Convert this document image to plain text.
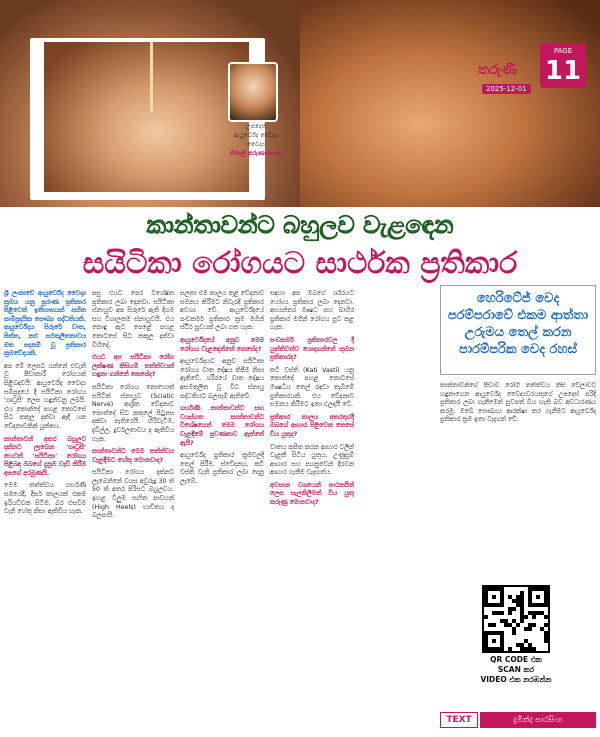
උපදෙස්
ආයුර්වේද වෛද්‍ය
වෛද්‍ය
නිමාලී කරුණානායක
තරුණී
PAGE
11
2025-12-01
කාන්තාවන්ට බහුලව වැළඳෙන
සයිටිකා රෝගයට සාර්ථක ප්‍රතිකාර

ශ්‍රී ලංකාවේ ආයුර්වේද වෛද්‍ය ක්‍රමය යනු පුරාණ ප්‍රතිකාර පිළිවෙත් ඉතිහාසයක් සහිත සාම්ප්‍රදායික සෞඛ්‍ය පද්ධතියකි. ආයුර්වේදය සිරුරේ වාත, පිත්ත, කඵ සමතුලිතතාවය මත පදනම් වූ ප්‍රතිකාර ක්‍රමවේදයකි.

අප මේ ලෙසට යන්නේ එවැනි වූ පීඩාකාරී රෝගයක් පිළිබඳවයි. ආයුර්වේද වෛද්‍ය සම්ප්‍රදායේ දී සයිටිකා රෝගය 'ගෘධ්‍රසී' ලෙස හඳුන්වනු ලබයි. එය කොන්දේ පහළ කොටසේ සිට කකුල දක්වා ඇදී යන වේදනාවකින් යුක්තය.

කාන්තාවන් අතර බහුලව දක්නට ලැබෙන 'ගෘධ්‍රසී' හෙවත් 'සයිටිකා' රෝගය පිළිබඳ ඔබගේ දැනුම වැඩි කිරීම අපගේ අරමුණයි.

මෙම තත්ත්වය ගර්භණී සමයේදී, දීර්ඝ කාලයක් එකම ඉරියව්වක සිටීම, බර එසවීම වැනි හේතු නිසා ඇතිවිය හැක.

පසු එයට පෙර විශේෂිත ප්‍රතිකාර ලබා දෙනවා. සයිටිකා ස්නායුව අප සිරුරේ ඇති දිගම සහ විශාලතම ස්නායුවයි. එය කොඳු ඇට පෙළේ පහළ කොටසේ සිට කකුල දක්වා විහිදේ.

එයට අප සයිටිකා රෝග ලක්ෂණ කිසියම් තත්ත්වයක් හඳුනා ගන්නේ කෙසේද?

සයිටිකා රෝගය නොහොත් සයිටික් ස්නායුව (Sciatic Nerve) ආශ්‍රිත වේදනාව කොන්දේ සිට කකුලේ පිටුපස දක්වා පැතිරෙයි. හිරිවැටීම, දැවිල්ල, දුර්වලතාවය ද ඇතිවිය හැක.

කාන්තාවන්ට මෙම තත්ත්වය වැළඳීමට හේතු මොනවාද?

සයිටිකා රෝගය දක්නට ලැබෙන්නේ වයස අවුරුදු 30 ත් 50 ත් අතර පිරිසට බහුලවය. ඉහළ විලුඹ සහිත පාවහන් (High Heels) භාවිතය ද බලපායි.

සලකා එම කාලය තුළ වේදනාව සමනය කිරීමට නිවැරදි ප්‍රතිකාර අවශ්‍ය වේ. ආයුර්වේදයේ පංචකර්ම ප්‍රතිකාර ක්‍රම මගින් ස්ථිර සුවයක් ලබා ගත හැක.

ආයුර්වේදයේ අනුව මෙම රෝගය වැළඳෙන්නේ කෙසේද?

ආයුර්වේදයට අනුව සයිටිකා රෝගය වාත දෝෂය කිපීම නිසා ඇතිවේ. ශරීරයේ වාත දෝෂය අසමතුලිත වූ විට ස්නායු පද්ධතියට බලපෑම් ඇතිවේ.

ගර්භණී කාන්තාවන්ට සහ වයස්ගත කාන්තාවන්ට විශේෂයෙන් මෙම රෝගය වැළඳීමේ ප්‍රවණතාව ඇත්තේ ඇයි?

ආයුර්වේද ප්‍රතිකාර ක්‍රමවලදී තෙල් පිරීම, ස්වේදනය, කටි වස්ති වැනි ප්‍රතිකාර ලබා දෙනු ලැබේ.

සඳහා අප ඔබගේ ශරීරයට යෝග්‍ය ප්‍රතිකාර ලබා දෙනවා. අභ්‍යන්තර ඖෂධ සහ බාහිර ප්‍රතිකාර මගින් රෝගය සුව කළ හැක.

පංචකර්ම ප්‍රතිකාරවල දී යුක්තිවත්ව යොදාගන්නේ කුමන ප්‍රතිකාරද?

කටි වස්ති (Kati Vasti) යනු කොන්දේ පහළ කොටසේ ඖෂධීය තෙල් රඳවා තැබීමේ ප්‍රතිකාරයකි. එය වේදනාව සමනය කිරීමට ඉතා ඵලදායී වේ.

ප්‍රතිකාර කාලය අතරතුරදී ඔබගේ ආහාර පිළිවෙත කෙසේ විය යුතුද?

වාතය කුපිත කරන ආහාර වලින් වැළකී සිටිය යුතුය. උණුසුම් ආහාර සහ පහසුවෙන් දිරවන ආහාර ගැනීම වැදගත්ය.

අවසාන වශයෙන් පාඨකයින් ලෙස සැලකිලිමත් විය යුතු කරුණු මොනවාද?

කාන්තාවන්ගේ පීඩාව රෝගී තත්ත්වය නිසි වේලාවට හඳුනාගෙන ආයුර්වේද වෛද්‍යවරයකුගේ උපදෙස් පරිදි ප්‍රතිකාර ලබා ගැනීමෙන් සුවපත් විය හැකි බව අවධාරණය කරමු. ඔබේ සෞඛ්‍යය ආරක්ෂා කර ගැනීමට ආයුර්වේද ප්‍රතිකාර ක්‍රම ඉතා වැදගත් වේ.

හෙරිටේජ් වෙද පරම්පරාවේ එකම ආත්තා උරුමය තෙල් කරන පාරම්පරික වෙද රහස්
QR CODE එක
SCAN කර
VIDEO එක නරඹන්න
TEXT	දුමින්ද සාරසිංහ
